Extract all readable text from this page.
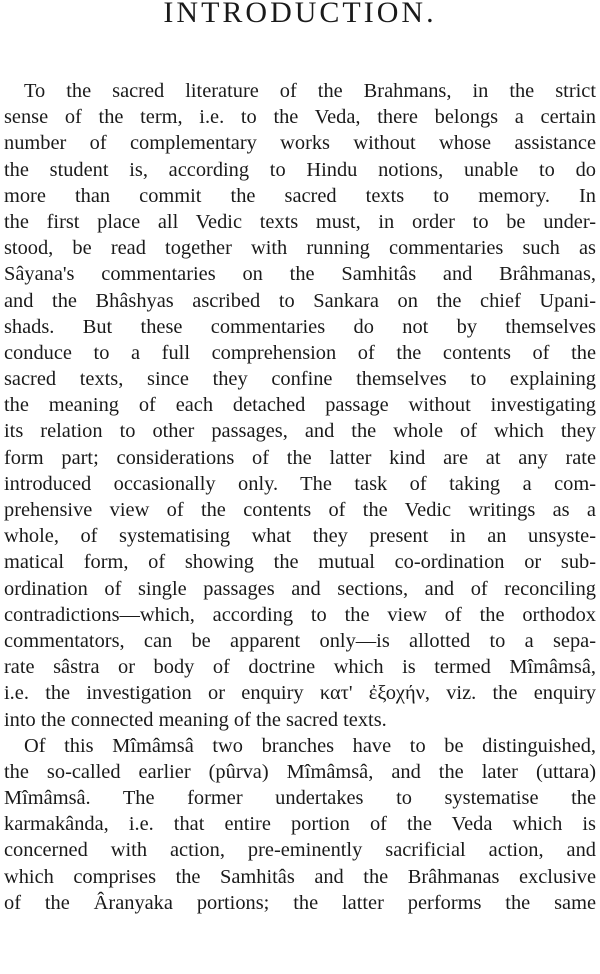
INTRODUCTION.

To the sacred literature of the Brahmans, in the strict
sense of the term, i.e. to the Veda, there belongs a certain
number of complementary works without whose assistance
the student is, according to Hindu notions, unable to do
more than commit the sacred texts to memory. In
the first place all Vedic texts must, in order to be under-
stood, be read together with running commentaries such as
Sâyana's commentaries on the Samhitâs and Brâhmanas,
and the Bhâshyas ascribed to Sankara on the chief Upani-
shads. But these commentaries do not by themselves
conduce to a full comprehension of the contents of the
sacred texts, since they confine themselves to explaining
the meaning of each detached passage without investigating
its relation to other passages, and the whole of which they
form part; considerations of the latter kind are at any rate
introduced occasionally only. The task of taking a com-
prehensive view of the contents of the Vedic writings as a
whole, of systematising what they present in an unsyste-
matical form, of showing the mutual co-ordination or sub-
ordination of single passages and sections, and of reconciling
contradictions—which, according to the view of the orthodox
commentators, can be apparent only—is allotted to a sepa-
rate sâstra or body of doctrine which is termed Mîmâmsâ,
i.e. the investigation or enquiry κατ' ἐξοχήν, viz. the enquiry
into the connected meaning of the sacred texts.

Of this Mîmâmsâ two branches have to be distinguished,
the so-called earlier (pûrva) Mîmâmsâ, and the later (uttara)
Mîmâmsâ. The former undertakes to systematise the
karmakânda, i.e. that entire portion of the Veda which is
concerned with action, pre-eminently sacrificial action, and
which comprises the Samhitâs and the Brâhmanas exclusive
of the Âranyaka portions; the latter performs the same
